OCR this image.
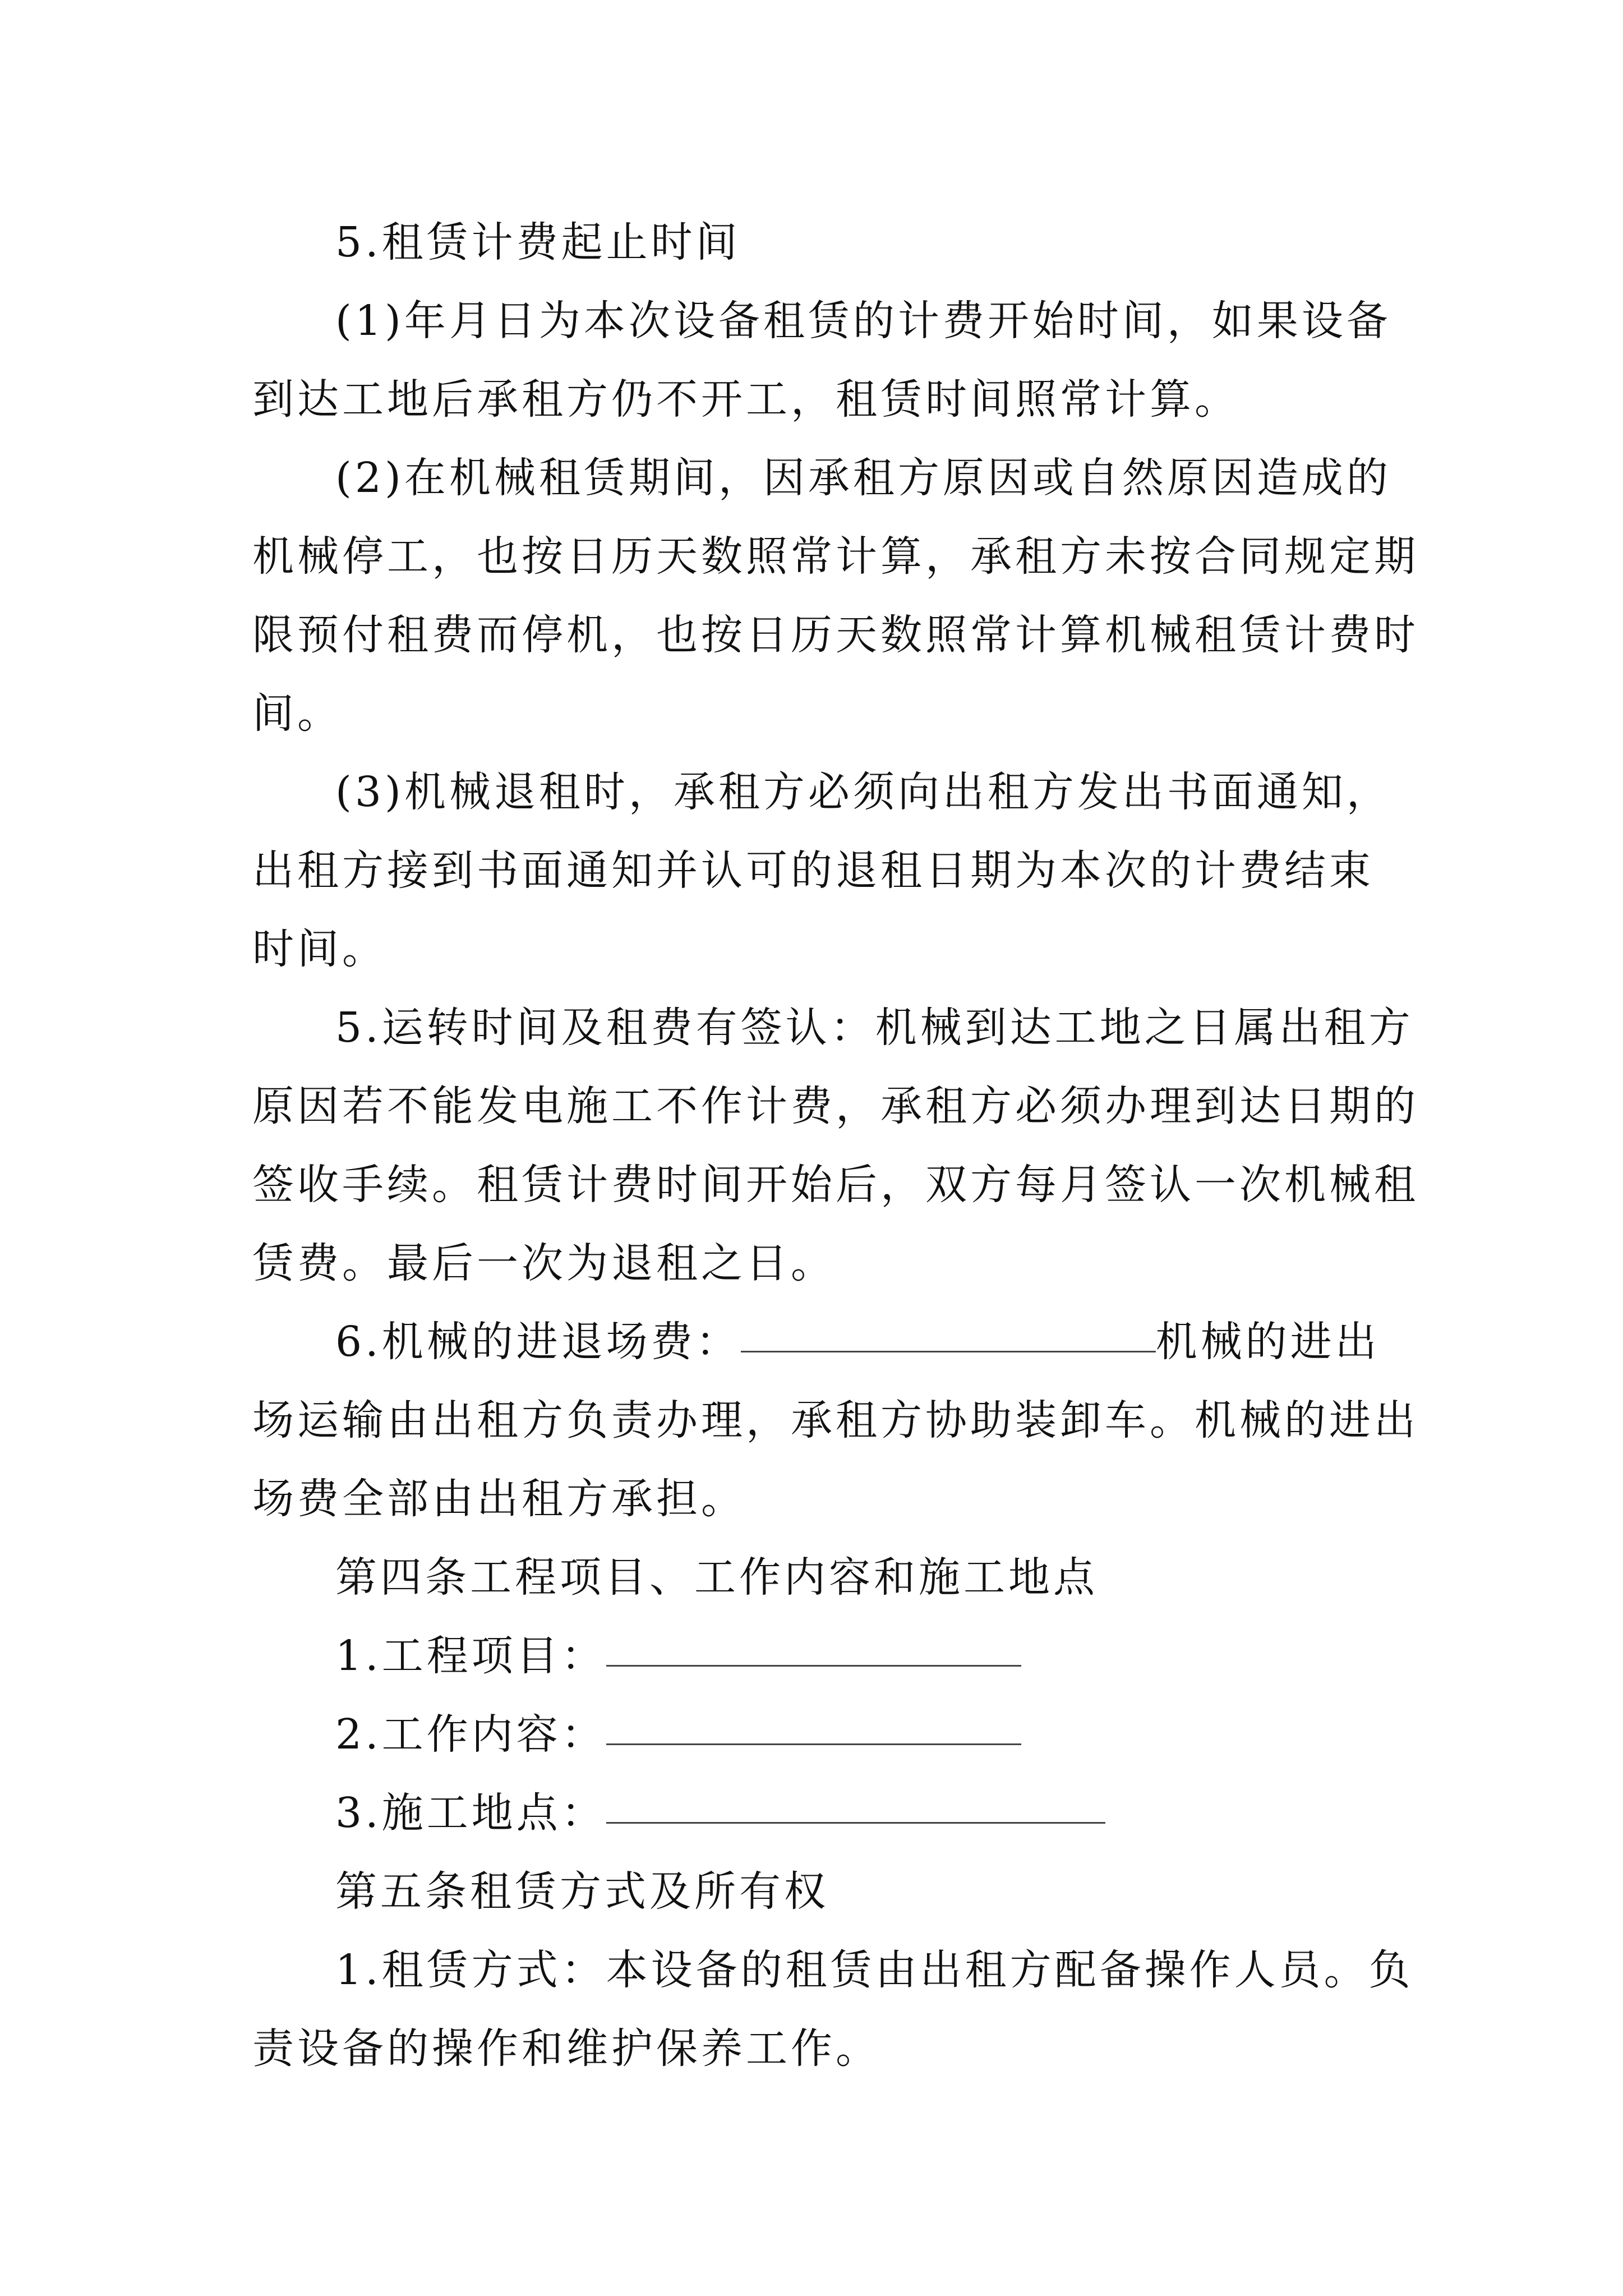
5.租赁计费起止时间
(1)年月日为本次设备租赁的计费开始时间，如果设备
到达工地后承租方仍不开工，租赁时间照常计算。
(2)在机械租赁期间，因承租方原因或自然原因造成的
机械停工，也按日历天数照常计算，承租方未按合同规定期
限预付租费而停机，也按日历天数照常计算机械租赁计费时
间。
(3)机械退租时，承租方必须向出租方发出书面通知，
出租方接到书面通知并认可的退租日期为本次的计费结束
时间。
5.运转时间及租费有签认：机械到达工地之日属出租方
原因若不能发电施工不作计费，承租方必须办理到达日期的
签收手续。租赁计费时间开始后，双方每月签认一次机械租
赁费。最后一次为退租之日。
6.机械的进退场费：	机械的进出
场运输由出租方负责办理，承租方协助装卸车。机械的进出
场费全部由出租方承担。
第四条工程项目、工作内容和施工地点
1.工程项目：
2.工作内容：
3.施工地点：
第五条租赁方式及所有权
1.租赁方式：本设备的租赁由出租方配备操作人员。负
责设备的操作和维护保养工作。
